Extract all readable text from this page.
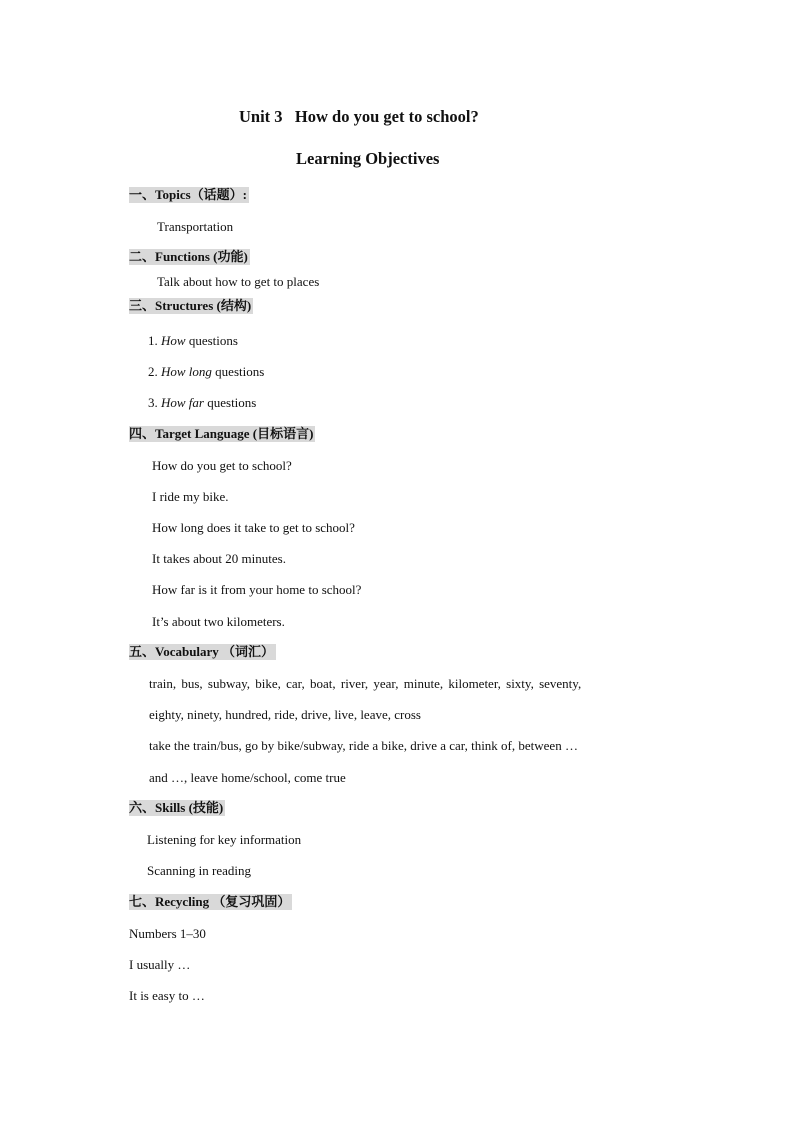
Unit 3   How do you get to school?
Learning Objectives
一、Topics（话题）:
Transportation
二、Functions (功能)
Talk about how to get to places
三、Structures (结构)
1. How questions
2. How long questions
3. How far questions
四、Target Language (目标语言)
How do you get to school?
I ride my bike.
How long does it take to get to school?
It takes about 20 minutes.
How far is it from your home to school?
It’s about two kilometers.
五、Vocabulary （词汇）
train, bus, subway, bike, car, boat, river, year, minute, kilometer, sixty, seventy,
eighty, ninety, hundred, ride, drive, live, leave, cross
take the train/bus, go by bike/subway, ride a bike, drive a car, think of, between …
and …, leave home/school, come true
六、Skills (技能)
Listening for key information
Scanning in reading
七、Recycling （复习巩固）
Numbers 1–30
I usually …
It is easy to …
